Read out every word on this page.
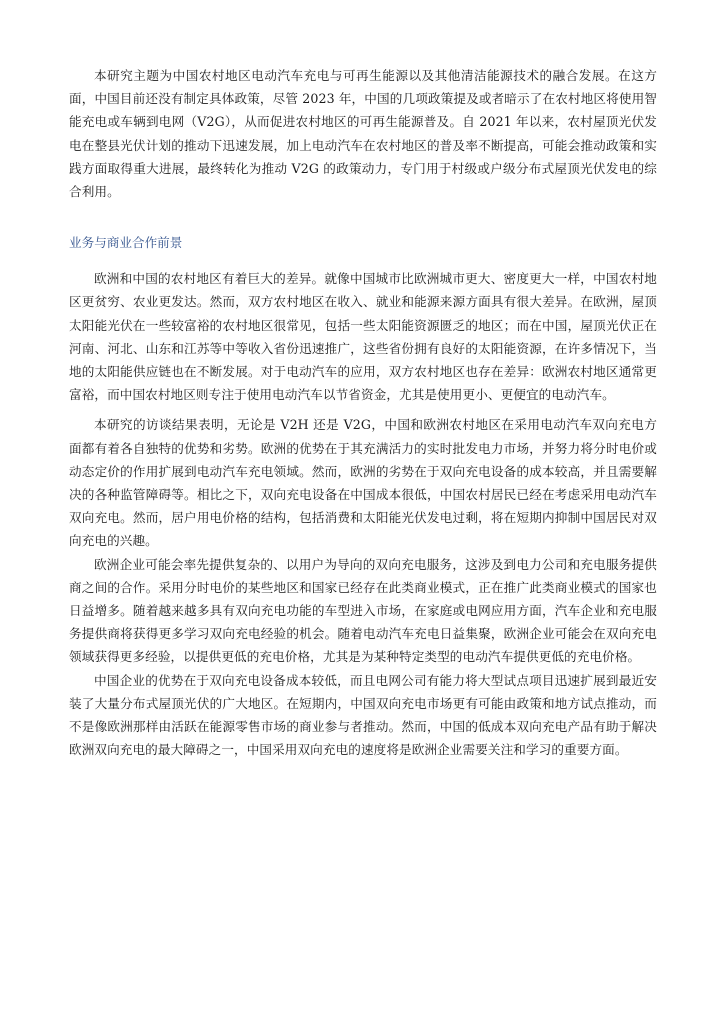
本研究主题为中国农村地区电动汽车充电与可再生能源以及其他清洁能源技术的融合发展。在这方面，中国目前还没有制定具体政策，尽管 2023 年，中国的几项政策提及或者暗示了在农村地区将使用智能充电或车辆到电网（V2G），从而促进农村地区的可再生能源普及。自 2021 年以来，农村屋顶光伏发电在整县光伏计划的推动下迅速发展，加上电动汽车在农村地区的普及率不断提高，可能会推动政策和实践方面取得重大进展，最终转化为推动 V2G 的政策动力，专门用于村级或户级分布式屋顶光伏发电的综合利用。

业务与商业合作前景

欧洲和中国的农村地区有着巨大的差异。就像中国城市比欧洲城市更大、密度更大一样，中国农村地区更贫穷、农业更发达。然而，双方农村地区在收入、就业和能源来源方面具有很大差异。在欧洲，屋顶太阳能光伏在一些较富裕的农村地区很常见，包括一些太阳能资源匮乏的地区；而在中国，屋顶光伏正在河南、河北、山东和江苏等中等收入省份迅速推广，这些省份拥有良好的太阳能资源，在许多情况下，当地的太阳能供应链也在不断发展。对于电动汽车的应用，双方农村地区也存在差异：欧洲农村地区通常更富裕，而中国农村地区则专注于使用电动汽车以节省资金，尤其是使用更小、更便宜的电动汽车。

本研究的访谈结果表明，无论是 V2H 还是 V2G，中国和欧洲农村地区在采用电动汽车双向充电方面都有着各自独特的优势和劣势。欧洲的优势在于其充满活力的实时批发电力市场，并努力将分时电价或动态定价的作用扩展到电动汽车充电领域。然而，欧洲的劣势在于双向充电设备的成本较高，并且需要解决的各种监管障碍等。相比之下，双向充电设备在中国成本很低，中国农村居民已经在考虑采用电动汽车双向充电。然而，居户用电价格的结构，包括消费和太阳能光伏发电过剩，将在短期内抑制中国居民对双向充电的兴趣。

欧洲企业可能会率先提供复杂的、以用户为导向的双向充电服务，这涉及到电力公司和充电服务提供商之间的合作。采用分时电价的某些地区和国家已经存在此类商业模式，正在推广此类商业模式的国家也日益增多。随着越来越多具有双向充电功能的车型进入市场，在家庭或电网应用方面，汽车企业和充电服务提供商将获得更多学习双向充电经验的机会。随着电动汽车充电日益集聚，欧洲企业可能会在双向充电领域获得更多经验，以提供更低的充电价格，尤其是为某种特定类型的电动汽车提供更低的充电价格。

中国企业的优势在于双向充电设备成本较低，而且电网公司有能力将大型试点项目迅速扩展到最近安装了大量分布式屋顶光伏的广大地区。在短期内，中国双向充电市场更有可能由政策和地方试点推动，而不是像欧洲那样由活跃在能源零售市场的商业参与者推动。然而，中国的低成本双向充电产品有助于解决欧洲双向充电的最大障碍之一，中国采用双向充电的速度将是欧洲企业需要关注和学习的重要方面。
